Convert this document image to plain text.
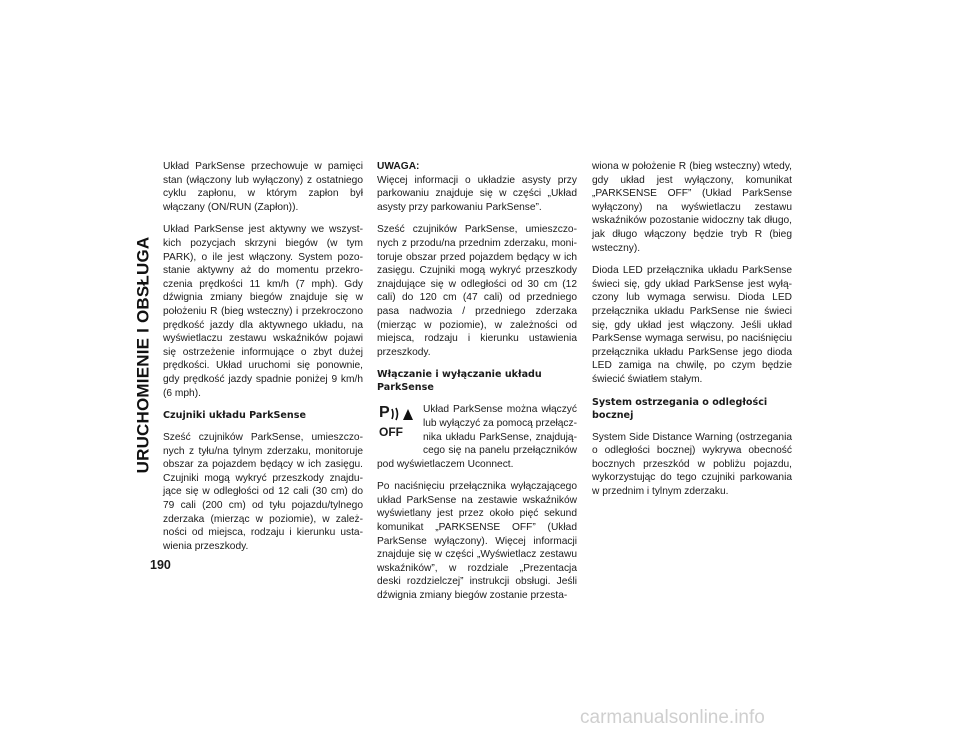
URUCHOMIENIE I OBSŁUGA

Układ ParkSense przechowuje w pamięci stan (włączony lub wyłączony) z ostatniego cyklu zapłonu, w którym zapłon był włączany (ON/RUN (Zapłon)).

Układ ParkSense jest aktywny we wszyst-kich pozycjach skrzyni biegów (w tym PARK), o ile jest włączony. System pozo-stanie aktywny aż do momentu przekro-czenia prędkości 11 km/h (7 mph). Gdy dźwignia zmiany biegów znajduje się w położeniu R (bieg wsteczny) i przekroczono prędkość jazdy dla aktywnego układu, na wyświetlaczu zestawu wskaźników pojawi się ostrzeżenie informujące o zbyt dużej prędkości. Układ uruchomi się ponownie, gdy prędkość jazdy spadnie poniżej 9 km/h (6 mph).

Czujniki układu ParkSense

Sześć czujników ParkSense, umieszczo-nych z tyłu/na tylnym zderzaku, monitoruje obszar za pojazdem będący w ich zasięgu. Czujniki mogą wykryć przeszkody znajdu-jące się w odległości od 12 cali (30 cm) do 79 cali (200 cm) od tyłu pojazdu/tylnego zderzaka (mierząc w poziomie), w zależ-ności od miejsca, rodzaju i kierunku usta-wienia przeszkody.

UWAGA:
Więcej informacji o układzie asysty przy parkowaniu znajduje się w części „Układ asysty przy parkowaniu ParkSense”.

Sześć czujników ParkSense, umieszczo-nych z przodu/na przednim zderzaku, moni-toruje obszar przed pojazdem będący w ich zasięgu. Czujniki mogą wykryć przeszkody znajdujące się w odległości od 30 cm (12 cali) do 120 cm (47 cali) od przedniego pasa nadwozia / przedniego zderzaka (mierząc w poziomie), w zależności od miejsca, rodzaju i kierunku ustawienia przeszkody.

Włączanie i wyłączanie układu ParkSense
P
OFF

Układ ParkSense można włączyć lub wyłączyć za pomocą przełącz-nika układu ParkSense, znajdują-cego się na panelu przełączników pod wyświetlaczem Uconnect.

Po naciśnięciu przełącznika wyłączającego układ ParkSense na zestawie wskaźników wyświetlany jest przez około pięć sekund komunikat „PARKSENSE OFF” (Układ ParkSense wyłączony). Więcej informacji znajduje się w części „Wyświetlacz zestawu wskaźników”, w rozdziale „Prezentacja deski rozdzielczej” instrukcji obsługi. Jeśli dźwignia zmiany biegów zostanie przesta-

wiona w położenie R (bieg wsteczny) wtedy, gdy układ jest wyłączony, komunikat „PARKSENSE OFF” (Układ ParkSense wyłączony) na wyświetlaczu zestawu wskaźników pozostanie widoczny tak długo, jak długo włączony będzie tryb R (bieg wsteczny).

Dioda LED przełącznika układu ParkSense świeci się, gdy układ ParkSense jest wyłą-czony lub wymaga serwisu. Dioda LED przełącznika układu ParkSense nie świeci się, gdy układ jest włączony. Jeśli układ ParkSense wymaga serwisu, po naciśnięciu przełącznika układu ParkSense jego dioda LED zamiga na chwilę, po czym będzie świecić światłem stałym.

System ostrzegania o odległości bocznej

System Side Distance Warning (ostrzegania o odległości bocznej) wykrywa obecność bocznych przeszkód w pobliżu pojazdu, wykorzystując do tego czujniki parkowania w przednim i tylnym zderzaku.

190
carmanualsonline.info
